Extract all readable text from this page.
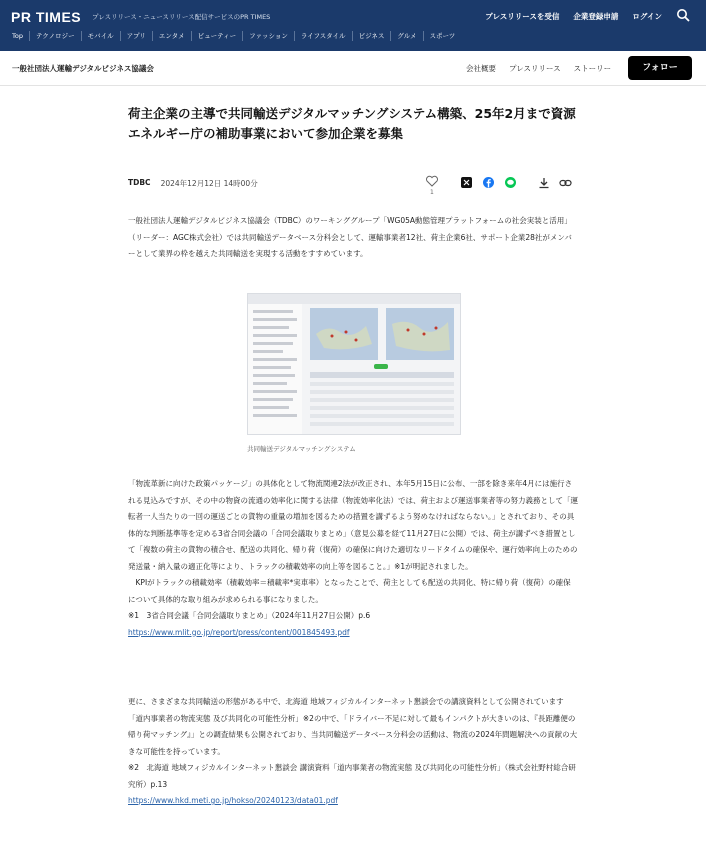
PR TIMES プレスリリース・ニュースリリース配信サービスのPR TIMES	プレスリリースを受信 企業登録申請 ログイン
Top	テクノロジー	モバイル	アプリ	エンタメ	ビューティー	ファッション	ライフスタイル	ビジネス	グルメ	スポーツ
一般社団法人運輸デジタルビジネス協議会	会社概要 プレスリリース ストーリー	フォロー
荷主企業の主導で共同輸送デジタルマッチングシステム構築、25年2月まで資源エネルギー庁の補助事業において参加企業を募集
TDBC 2024年12月12日 14時00分
1

一般社団法人運輸デジタルビジネス協議会（TDBC）のワーキンググループ「WG05A動態管理プラットフォームの社会実装と活用」（リーダー：AGC株式会社）では共同輸送データベース分科会として、運輸事業者12社、荷主企業6社、サポート企業28社がメンバーとして業界の枠を越えた共同輸送を実現する活動をすすめています。

共同輸送デジタルマッチングシステム

「物流革新に向けた政策パッケージ」の具体化として物流関連2法が改正され、本年5月15日に公布、一部を除き来年4月には施行される見込みですが、その中の物資の流通の効率化に関する法律（物流効率化法）では、荷主および運送事業者等の努力義務として「運転者一人当たりの一回の運送ごとの貨物の重量の増加を図るための措置を講ずるよう努めなければならない。」とされており、その具体的な判断基準等を定める3省合同会議の「合同会議取りまとめ」（意見公募を経て11月27日に公開）では、荷主が講ずべき措置として「複数の荷主の貨物の積合せ、配送の共同化、帰り荷（復荷）の確保に向けた適切なリードタイムの確保や、運行効率向上のための発送量・納入量の適正化等により、トラックの積載効率の向上等を図ること。」※1が明記されました。

　KPIがトラックの積載効率（積載効率＝積載率*実車率）となったことで、荷主としても配送の共同化、特に帰り荷（復荷）の確保について具体的な取り組みが求められる事になりました。

※1　3省合同会議「合同会議取りまとめ」（2024年11月27日公開）p.6

https://www.mlit.go.jp/report/press/content/001845493.pdf

更に、さまざまな共同輸送の形態がある中で、北海道 地域フィジカルインターネット懇談会での講演資料として公開されています「道内事業者の物流実態 及び共同化の可能性分析」※2の中で、「ドライバー不足に対して最もインパクトが大きいのは、『長距離便の帰り荷マッチング』」との調査結果も公開されており、当共同輸送データベース分科会の活動は、物流の2024年問題解決への貢献の大きな可能性を持っています。

※2　北海道 地域フィジカルインターネット懇談会 講演資料「道内事業者の物流実態 及び共同化の可能性分析」（株式会社野村総合研究所）p.13

https://www.hkd.meti.go.jp/hokso/20240123/data01.pdf
